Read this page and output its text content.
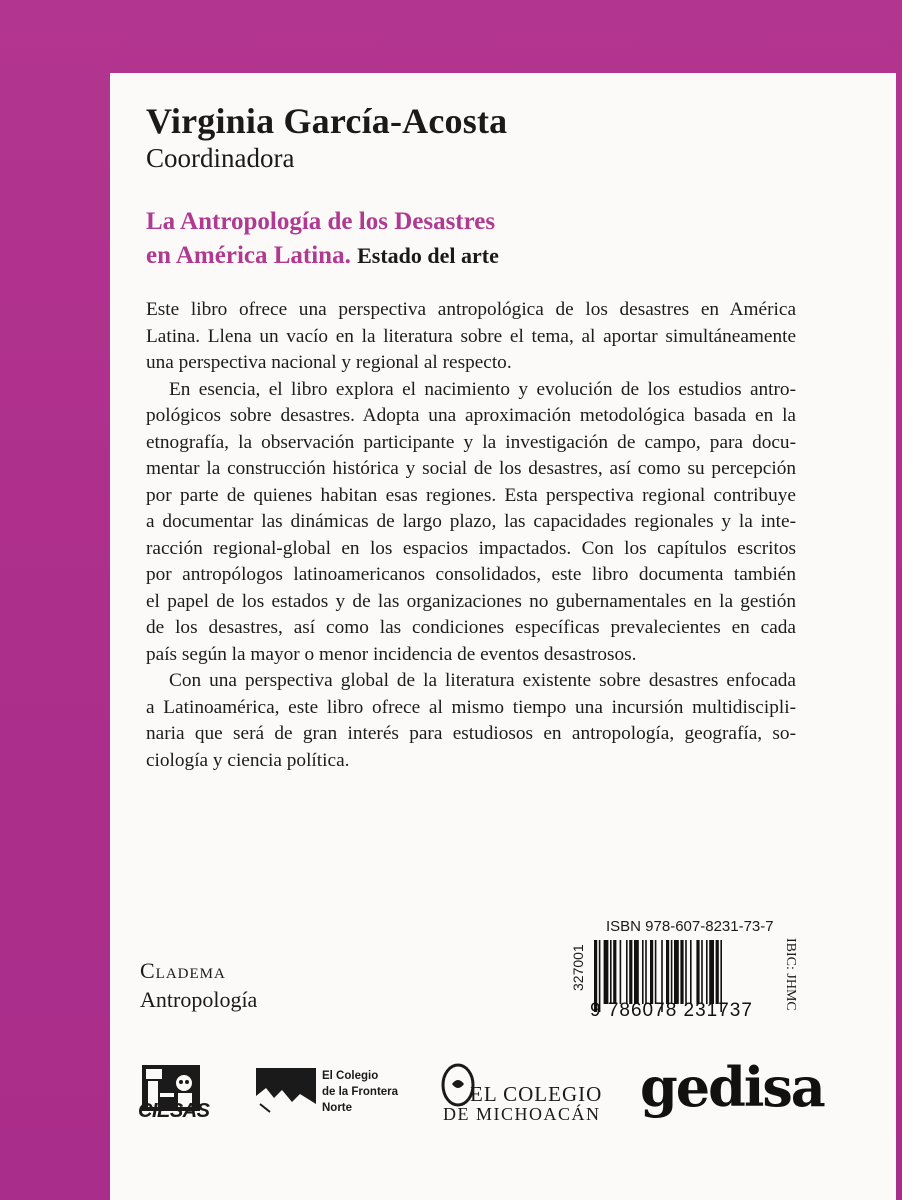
Virginia García-Acosta
Coordinadora
La Antropología de los Desastres
en América Latina. Estado del arte
Este libro ofrece una perspectiva antropológica de los desastres en América
Latina. Llena un vacío en la literatura sobre el tema, al aportar simultáneamente
una perspectiva nacional y regional al respecto.
En esencia, el libro explora el nacimiento y evolución de los estudios antro-
pológicos sobre desastres. Adopta una aproximación metodológica basada en la
etnografía, la observación participante y la investigación de campo, para docu-
mentar la construcción histórica y social de los desastres, así como su percepción
por parte de quienes habitan esas regiones. Esta perspectiva regional contribuye
a documentar las dinámicas de largo plazo, las capacidades regionales y la inte-
racción regional-global en los espacios impactados. Con los capítulos escritos
por antropólogos latinoamericanos consolidados, este libro documenta también
el papel de los estados y de las organizaciones no gubernamentales en la gestión
de los desastres, así como las condiciones específicas prevalecientes en cada
país según la mayor o menor incidencia de eventos desastrosos.
Con una perspectiva global de la literatura existente sobre desastres enfocada
a Latinoamérica, este libro ofrece al mismo tiempo una incursión multidiscipli-
naria que será de gran interés para estudiosos en antropología, geografía, so-
ciología y ciencia política.
Cladema
Antropología
ISBN 978-607-8231-73-7
327001	IBIC: JHMC
9 786078 231737
CIESAS
El Colegio
de la Frontera
Norte
EL COLEGIO
DE MICHOACÁN gedisa
